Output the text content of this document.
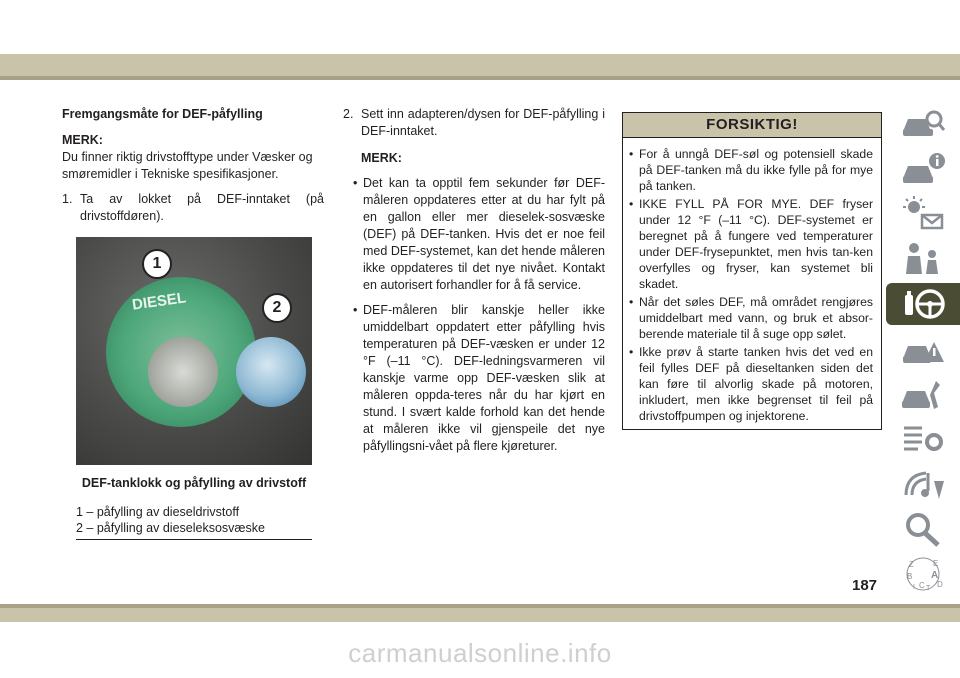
Fremgangsmåte for DEF-påfylling
MERK:

Du finner riktig drivstofftype under Væsker og smøremidler i Tekniske spesifikasjoner.

1. Ta av lokket på DEF-inntaket (på drivstoffdøren).
DIESEL
1
2
DEF-tanklokk og påfylling av drivstoff
1 – påfylling av dieseldrivstoff
2 – påfylling av dieseleksosvæske
2. Sett inn adapteren/dysen for DEF-påfylling i DEF-inntaket.
MERK:
• Det kan ta opptil fem sekunder før DEF-måleren oppdateres etter at du har fylt på en gallon eller mer dieselek-sosvæske (DEF) på DEF-tanken. Hvis det er noe feil med DEF-systemet, kan det hende måleren ikke oppdateres til det nye nivået. Kontakt en autorisert forhandler for å få service.
• DEF-måleren blir kanskje heller ikke umiddelbart oppdatert etter påfylling hvis temperaturen på DEF-væsken er under 12 °F (–11 °C). DEF-ledningsvarmeren vil kanskje varme opp DEF-væsken slik at måleren oppda-teres når du har kjørt en stund. I svært kalde forhold kan det hende at måleren ikke vil gjenspeile det nye påfyllingsni-vået på flere kjøreturer.
FORSIKTIG!
• For å unngå DEF-søl og potensiell skade på DEF-tanken må du ikke fylle på for mye på tanken.
• IKKE FYLL PÅ FOR MYE. DEF fryser under 12 °F (–11 °C). DEF-systemet er beregnet på å fungere ved temperaturer under DEF-frysepunktet, men hvis tan-ken overfylles og fryser, kan systemet bli skadet.
• Når det søles DEF, må området rengjøres umiddelbart med vann, og bruk et absor-berende materiale til å suge opp sølet.
• Ikke prøv å starte tanken hvis det ved en feil fylles DEF på dieseltanken siden det kan føre til alvorlig skade på motoren, inkludert, men ikke begrenset til feil på drivstoffpumpen og injektorene.
Z E
B A
C D
I T
187
carmanualsonline.info
